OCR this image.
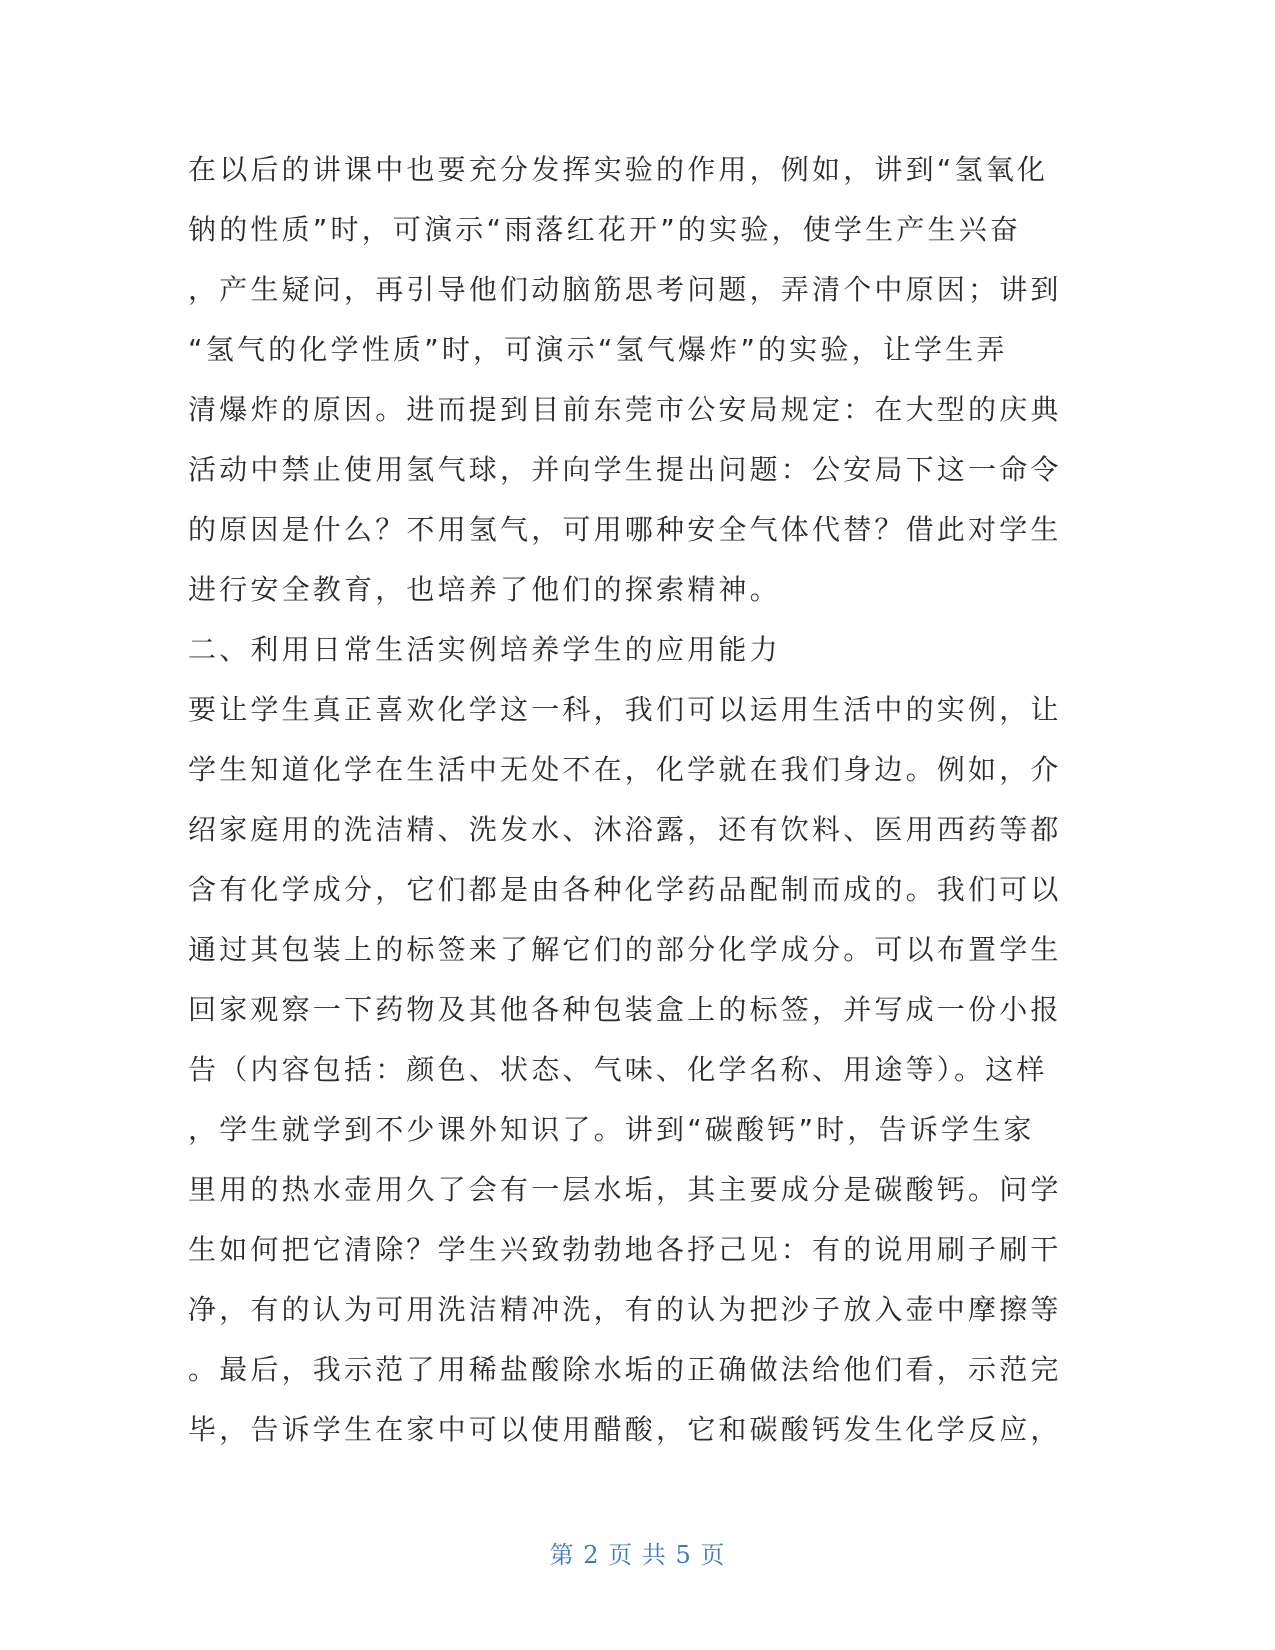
在以后的讲课中也要充分发挥实验的作用，例如，讲到“氢氧化
钠的性质”时，可演示“雨落红花开”的实验，使学生产生兴奋
，产生疑问，再引导他们动脑筋思考问题，弄清个中原因；讲到
“氢气的化学性质”时，可演示“氢气爆炸”的实验，让学生弄
清爆炸的原因。进而提到目前东莞市公安局规定：在大型的庆典
活动中禁止使用氢气球，并向学生提出问题：公安局下这一命令
的原因是什么？不用氢气，可用哪种安全气体代替？借此对学生
进行安全教育，也培养了他们的探索精神。
二、利用日常生活实例培养学生的应用能力
要让学生真正喜欢化学这一科，我们可以运用生活中的实例，让
学生知道化学在生活中无处不在，化学就在我们身边。例如，介
绍家庭用的洗洁精、洗发水、沐浴露，还有饮料、医用西药等都
含有化学成分，它们都是由各种化学药品配制而成的。我们可以
通过其包装上的标签来了解它们的部分化学成分。可以布置学生
回家观察一下药物及其他各种包装盒上的标签，并写成一份小报
告（内容包括：颜色、状态、气味、化学名称、用途等）。这样
，学生就学到不少课外知识了。讲到“碳酸钙”时，告诉学生家
里用的热水壶用久了会有一层水垢，其主要成分是碳酸钙。问学
生如何把它清除？学生兴致勃勃地各抒己见：有的说用刷子刷干
净，有的认为可用洗洁精冲洗，有的认为把沙子放入壶中摩擦等
。最后，我示范了用稀盐酸除水垢的正确做法给他们看，示范完
毕，告诉学生在家中可以使用醋酸，它和碳酸钙发生化学反应，
第 2 页 共 5 页
